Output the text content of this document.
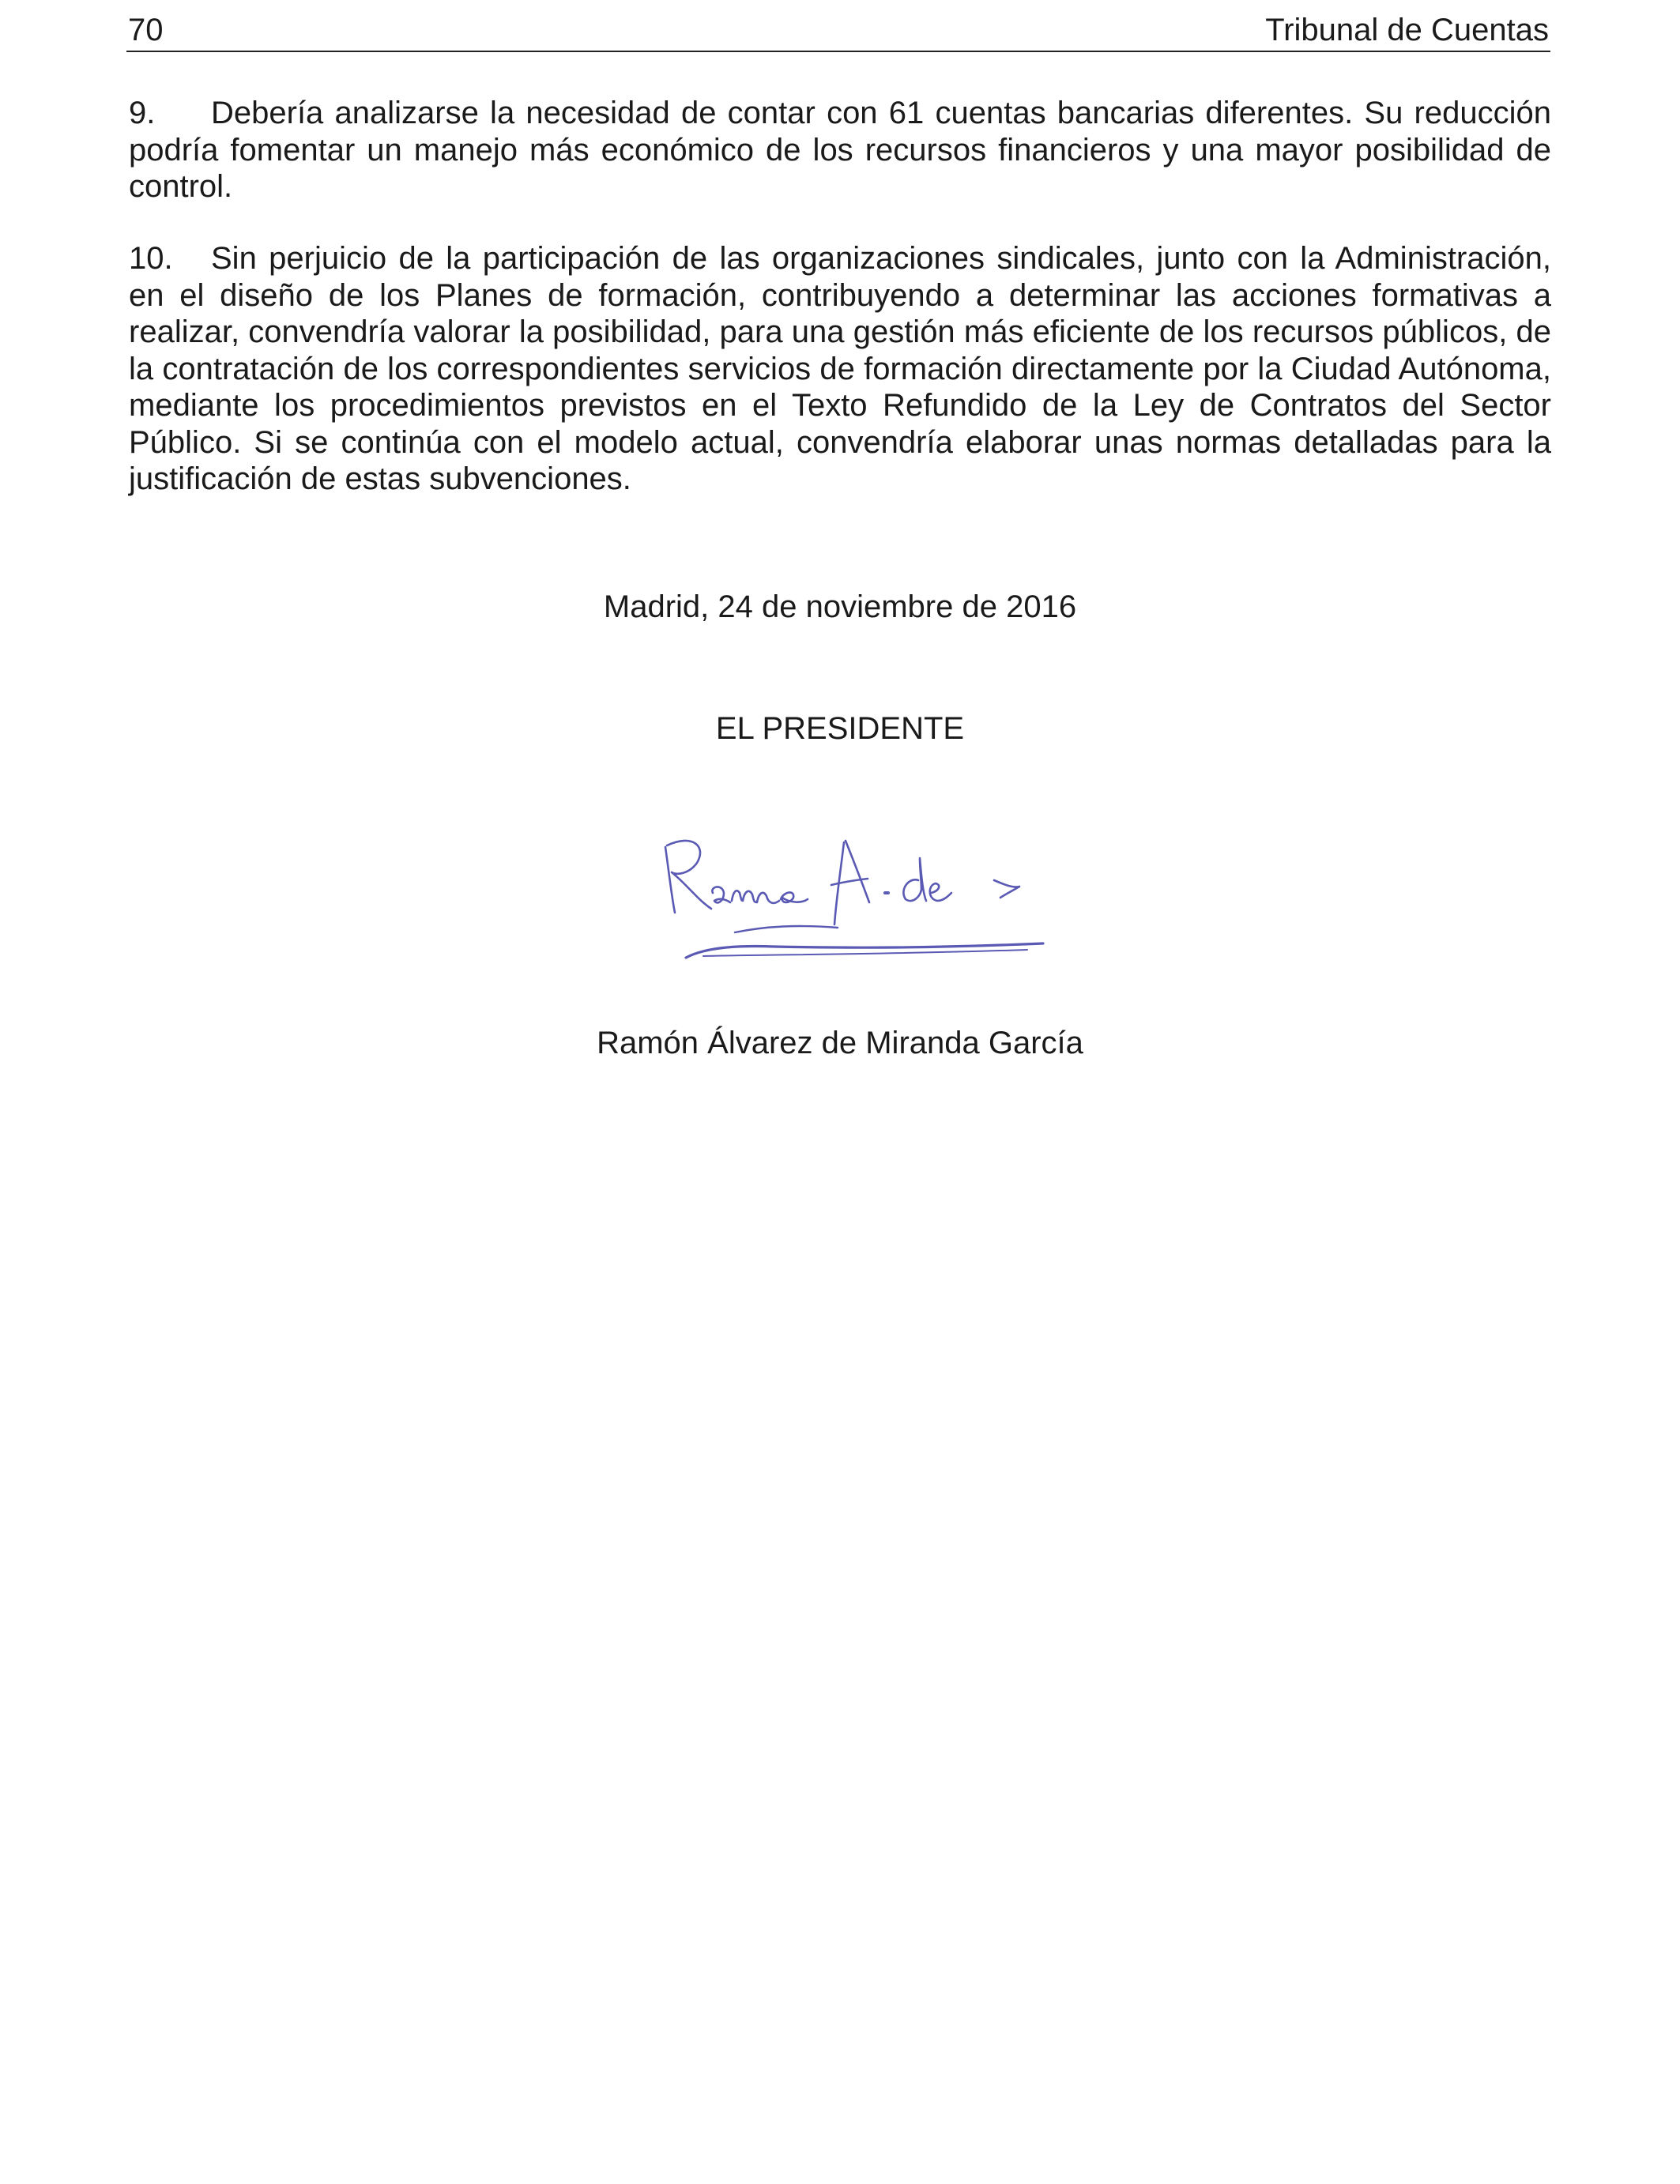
70	Tribunal de Cuentas

9. Debería analizarse la necesidad de contar con 61 cuentas bancarias diferentes. Su reducción podría fomentar un manejo más económico de los recursos financieros y una mayor posibilidad de control.

10. Sin perjuicio de la participación de las organizaciones sindicales, junto con la Administración, en el diseño de los Planes de formación, contribuyendo a determinar las acciones formativas a realizar, convendría valorar la posibilidad, para una gestión más eficiente de los recursos públicos, de la contratación de los correspondientes servicios de formación directamente por la Ciudad Autónoma, mediante los procedimientos previstos en el Texto Refundido de la Ley de Contratos del Sector Público. Si se continúa con el modelo actual, convendría elaborar unas normas detalladas para la justificación de estas subvenciones.

Madrid, 24 de noviembre de 2016

EL PRESIDENTE

Ramón Álvarez de Miranda García
